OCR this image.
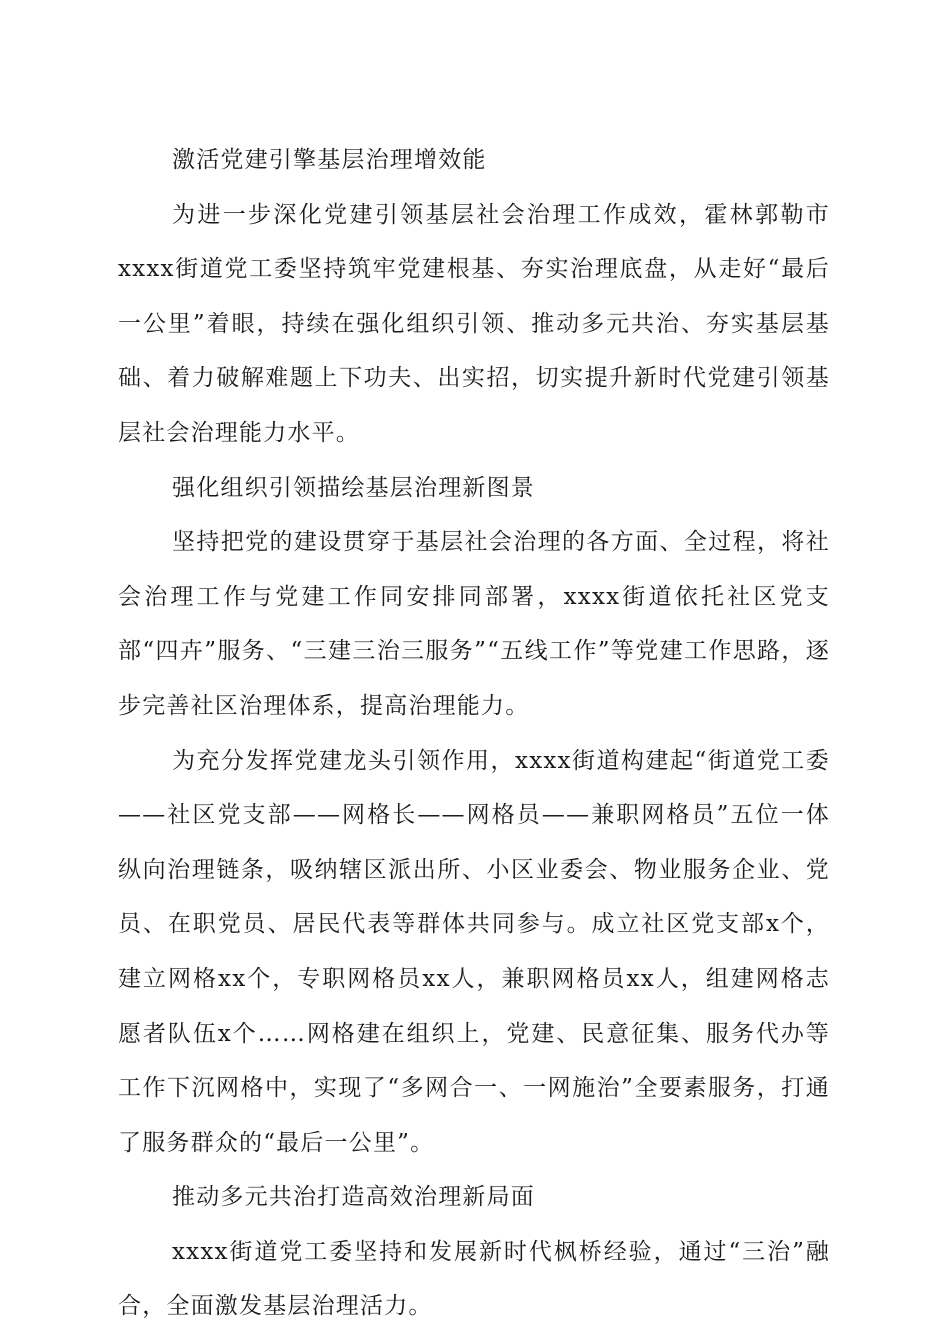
激活党建引擎基层治理增效能

为进一步深化党建引领基层社会治理工作成效，霍林郭勒市xxxx街道党工委坚持筑牢党建根基、夯实治理底盘，从走好“最后一公里”着眼，持续在强化组织引领、推动多元共治、夯实基层基础、着力破解难题上下功夫、出实招，切实提升新时代党建引领基层社会治理能力水平。

强化组织引领描绘基层治理新图景

坚持把党的建设贯穿于基层社会治理的各方面、全过程，将社会治理工作与党建工作同安排同部署，xxxx街道依托社区党支部“四卉”服务、“三建三治三服务”“五线工作”等党建工作思路，逐步完善社区治理体系，提高治理能力。

为充分发挥党建龙头引领作用，xxxx街道构建起“街道党工委——社区党支部——网格长——网格员——兼职网格员”五位一体纵向治理链条，吸纳辖区派出所、小区业委会、物业服务企业、党员、在职党员、居民代表等群体共同参与。成立社区党支部x个，建立网格xx个，专职网格员xx人，兼职网格员xx人，组建网格志愿者队伍x个……网格建在组织上，党建、民意征集、服务代办等工作下沉网格中，实现了“多网合一、一网施治”全要素服务，打通了服务群众的“最后一公里”。

推动多元共治打造高效治理新局面

xxxx街道党工委坚持和发展新时代枫桥经验，通过“三治”融合，全面激发基层治理活力。
